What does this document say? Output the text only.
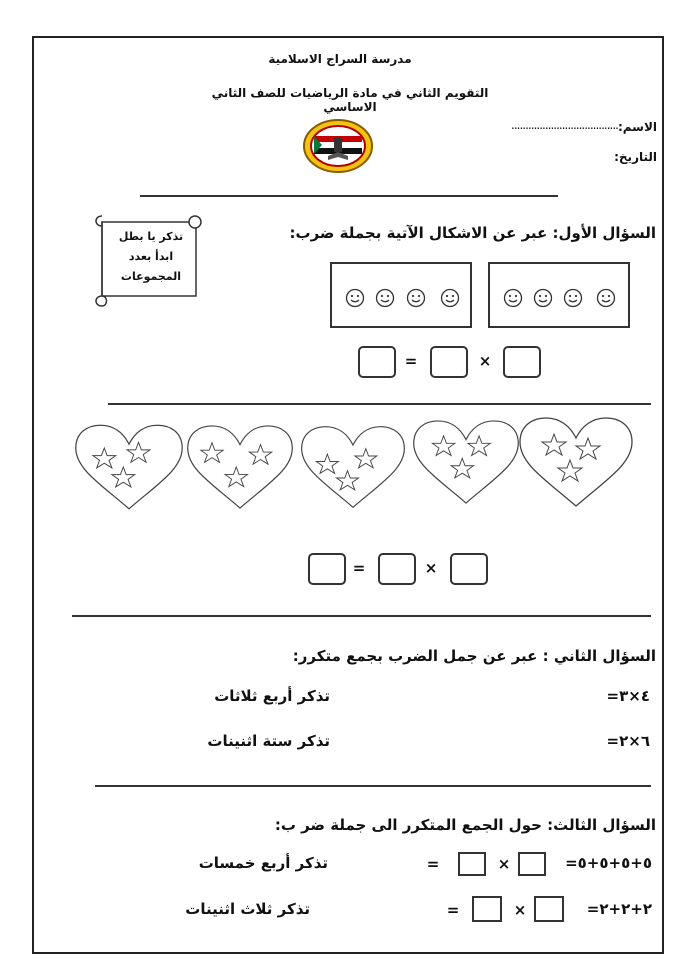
مدرسة السراج الاسلامية
التقويم الثاني في مادة الرياضيات للصف الثاني الاساسي
الاسم:
......................................
التاريخ:
تذكر يا بطل
ابدأ بعدد
المجموعات
السؤال الأول: عبر عن الاشكال الآتية بجملة ضرب:
×
=
×
=
السؤال الثاني : عبر عن جمل الضرب بجمع متكرر:
٤×٣=
تذكر أربع ثلاثات
٦×٢=
تذكر ستة اثنينات
السؤال الثالث: حول الجمع المتكرر الى جملة ضر ب:
٥+٥+٥+٥=
×
=
تذكر أربع خمسات
٢+٢+٢=
×
=
تذكر ثلاث اثنينات
